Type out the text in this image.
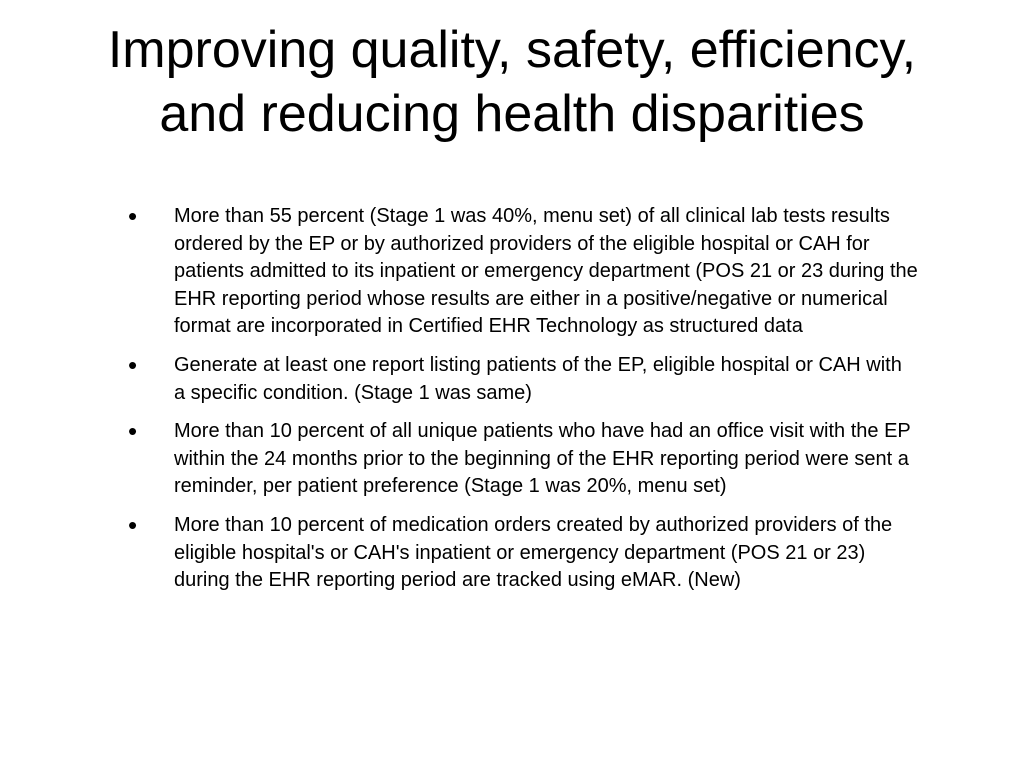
Improving quality, safety, efficiency, and reducing health disparities
• More than 55 percent (Stage 1 was 40%, menu set) of all clinical lab tests results ordered by the EP or by authorized providers of the eligible hospital or CAH for patients admitted to its inpatient or emergency department (POS 21 or 23 during the EHR reporting period whose results are either in a positive/negative or numerical format are incorporated in Certified EHR Technology as structured data
• Generate at least one report listing patients of the EP, eligible hospital or CAH with a specific condition. (Stage 1 was same)
• More than 10 percent of all unique patients who have had an office visit with the EP within the 24 months prior to the beginning of the EHR reporting period were sent a reminder, per patient preference (Stage 1 was 20%, menu set)
• More than 10 percent of medication orders created by authorized providers of the eligible hospital's or CAH's inpatient or emergency department (POS 21 or 23) during the EHR reporting period are tracked using eMAR. (New)
